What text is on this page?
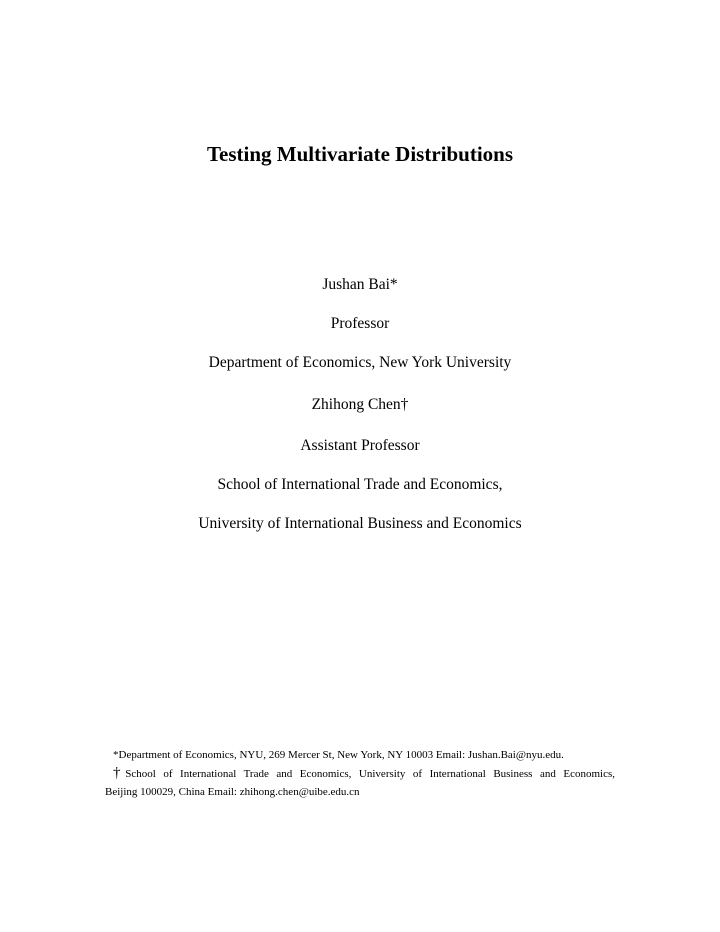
Testing Multivariate Distributions
Jushan Bai*
Professor
Department of Economics, New York University
Zhihong Chen†
Assistant Professor
School of International Trade and Economics,
University of International Business and Economics
*Department of Economics, NYU, 269 Mercer St, New York, NY 10003 Email: Jushan.Bai@nyu.edu.
†School of International Trade and Economics, University of International Business and Economics,
Beijing 100029, China Email: zhihong.chen@uibe.edu.cn
